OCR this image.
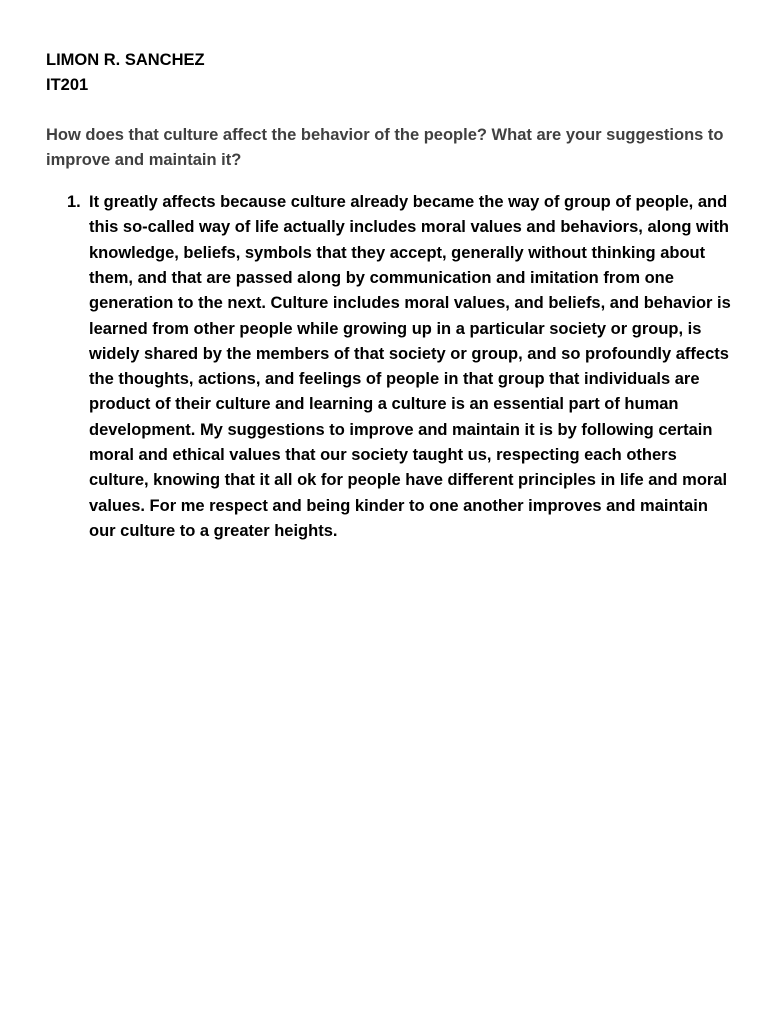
LIMON R. SANCHEZ

IT201

How does that culture affect the behavior of the people? What are your suggestions to improve and maintain it?

1. It greatly affects because culture already became the way of group of people, and this so-called way of life actually includes moral values and behaviors, along with knowledge, beliefs, symbols that they accept, generally without thinking about them, and that are passed along by communication and imitation from one generation to the next. Culture includes moral values, and beliefs, and behavior is learned from other people while growing up in a particular society or group, is widely shared by the members of that society or group, and so profoundly affects the thoughts, actions, and feelings of people in that group that individuals are product of their culture and learning a culture is an essential part of human development. My suggestions to improve and maintain it is by following certain moral and ethical values that our society taught us, respecting each others culture, knowing that it all ok for people have different principles in life and moral values. For me respect and being kinder to one another improves and maintain our culture to a greater heights.
